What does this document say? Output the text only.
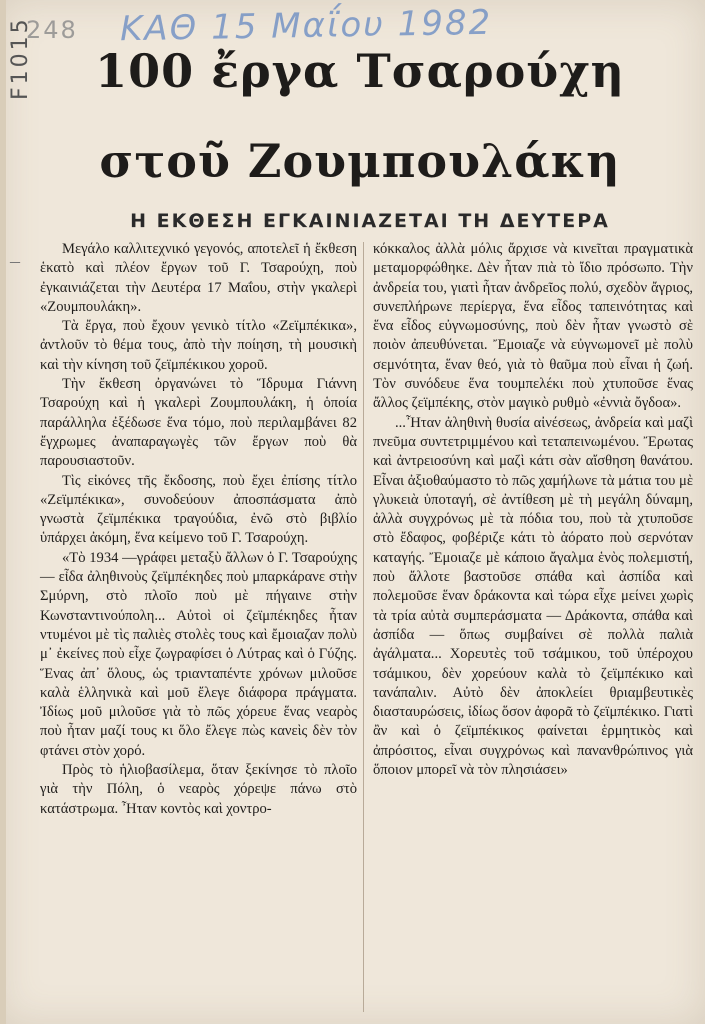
248 ΚΑΘ 15 Μαΐου 1982
F1015
–
100 ἔργα Τσαρούχη
στοῦ Ζουμπουλάκη
Η ΕΚΘΕΣΗ ΕΓΚΑΙΝΙΑΖΕΤΑΙ ΤΗ ΔΕΥΤΕΡΑ

Μεγάλο καλλιτεχνικό γεγονός, αποτελεῖ ἡ ἔκθεση ἑκατὸ καὶ πλέον ἔργων τοῦ Γ. Τσαρούχη, ποὺ ἐγκαινιάζεται τὴν Δευτέρα 17 Μαΐου, στὴν γκαλερὶ «Ζουμπουλάκη».

Τὰ ἔργα, ποὺ ἔχουν γενικὸ τίτλο «Ζεϊμπέκικα», ἀντλοῦν τὸ θέμα τους, ἀπὸ τὴν ποίηση, τὴ μουσικὴ καὶ τὴν κίνηση τοῦ ζεϊμπέκικου χοροῦ.

Τὴν ἔκθεση ὀργανώνει τὸ Ἵδρυμα Γιάννη Τσαρούχη καὶ ἡ γκαλερὶ Ζουμπουλάκη, ἡ ὁποία παράλληλα ἐξέδωσε ἕνα τόμο, ποὺ περιλαμβάνει 82 ἔγχρωμες ἀναπαραγωγὲς τῶν ἔργων ποὺ θὰ παρουσιαστοῦν.

Τὶς εἰκόνες τῆς ἔκδοσης, ποὺ ἔχει ἐπίσης τίτλο «Ζεϊμπέκικα», συνοδεύουν ἀποσπάσματα ἀπὸ γνωστὰ ζεϊμπέκικα τραγούδια, ἐνῶ στὸ βιβλίο ὑπάρχει ἀκόμη, ἕνα κείμενο τοῦ Γ. Τσαρούχη.

«Τὸ 1934 —γράφει μεταξὺ ἄλλων ὁ Γ. Τσαρούχης— εἶδα ἀληθινοὺς ζεϊμπέκηδες ποὺ μπαρκάρανε στὴν Σμύρνη, στὸ πλοῖο ποὺ μὲ πήγαινε στὴν Κωνσταντινούπολη... Αὐτοὶ οἱ ζεϊμπέκηδες ἦταν ντυμένοι μὲ τὶς παλιὲς στολὲς τους καὶ ἔμοιαζαν πολὺ μ᾽ ἐκείνες ποὺ εἶχε ζωγραφίσει ὁ Λύτρας καὶ ὁ Γύζης. Ἕνας ἀπ᾽ ὅλους, ὡς τριανταπέντε χρόνων μιλοῦσε καλὰ ἑλληνικὰ καὶ μοῦ ἔλεγε διάφορα πράγματα. Ἰδίως μοῦ μιλοῦσε γιὰ τὸ πῶς χόρευε ἕνας νεαρὸς ποὺ ἦταν μαζί τους κι ὅλο ἔλεγε πὼς κανεὶς δὲν τὸν φτάνει στὸν χορό.

Πρὸς τὸ ἡλιοβασίλεμα, ὅταν ξεκίνησε τὸ πλοῖο γιὰ τὴν Πόλη, ὁ νεαρὸς χόρεψε πάνω στὸ κατάστρωμα. Ἦταν κοντὸς καὶ χοντρο-

κόκκαλος ἀλλὰ μόλις ἄρχισε νὰ κινεῖται πραγματικὰ μεταμορφώθηκε. Δὲν ἦταν πιὰ τὸ ἴδιο πρόσωπο. Τὴν ἀνδρεία του, γιατὶ ἦταν ἀνδρεῖος πολύ, σχεδὸν ἄγριος, συνεπλήρωνε περίεργα, ἕνα εἶδος ταπεινότητας καὶ ἕνα εἶδος εὐγνωμοσύνης, ποὺ δὲν ἦταν γνωστὸ σὲ ποιὸν ἀπευθύνεται. Ἔμοιαζε νὰ εὐγνωμονεῖ μὲ πολὺ σεμνότητα, ἕναν θεό, γιὰ τὸ θαῦμα ποὺ εἶναι ἡ ζωή. Τὸν συνόδευε ἕνα τουμπελέκι ποὺ χτυποῦσε ἕνας ἄλλος ζεϊμπέκης, στὸν μαγικὸ ρυθμὸ «ἐννιὰ ὄγδοα».

...Ἦταν ἀληθινὴ θυσία αἰνέσεως, ἀνδρεία καὶ μαζὶ πνεῦμα συντετριμμένου καὶ τεταπεινωμένου. Ἔρωτας καὶ ἀντρειοσύνη καὶ μαζὶ κάτι σὰν αἴσθηση θανάτου. Εἶναι ἀξιοθαύμαστο τὸ πῶς χαμήλωνε τὰ μάτια του μὲ γλυκειὰ ὑποταγή, σὲ ἀντίθεση μὲ τὴ μεγάλη δύναμη, ἀλλὰ συγχρόνως μὲ τὰ πόδια του, ποὺ τὰ χτυποῦσε στὸ ἔδαφος, φοβέριζε κάτι τὸ ἀόρατο ποὺ σερνόταν καταγής. Ἔμοιαζε μὲ κάποιο ἄγαλμα ἑνὸς πολεμιστή, ποὺ ἄλλοτε βαστοῦσε σπάθα καὶ ἀσπίδα καὶ πολεμοῦσε ἕναν δράκοντα καὶ τώρα εἶχε μείνει χωρὶς τὰ τρία αὐτὰ συμπεράσματα — Δράκοντα, σπάθα καὶ ἀσπίδα — ὅπως συμβαίνει σὲ πολλὰ παλιὰ ἀγάλματα... Χορευτὲς τοῦ τσάμικου, τοῦ ὑπέροχου τσάμικου, δὲν χορεύουν καλὰ τὸ ζεϊμπέκικο καὶ τανάπαλιν. Αὐτὸ δὲν ἀποκλείει θριαμβευτικὲς διασταυρώσεις, ἰδίως ὅσον ἀφορᾶ τὸ ζεϊμπέκικο. Γιατὶ ἂν καὶ ὁ ζεϊμπέκικος φαίνεται ἑρμητικὸς καὶ ἀπρόσιτος, εἶναι συγχρόνως καὶ πανανθρώπινος γιὰ ὅποιον μπορεῖ νὰ τὸν πλησιάσει»
